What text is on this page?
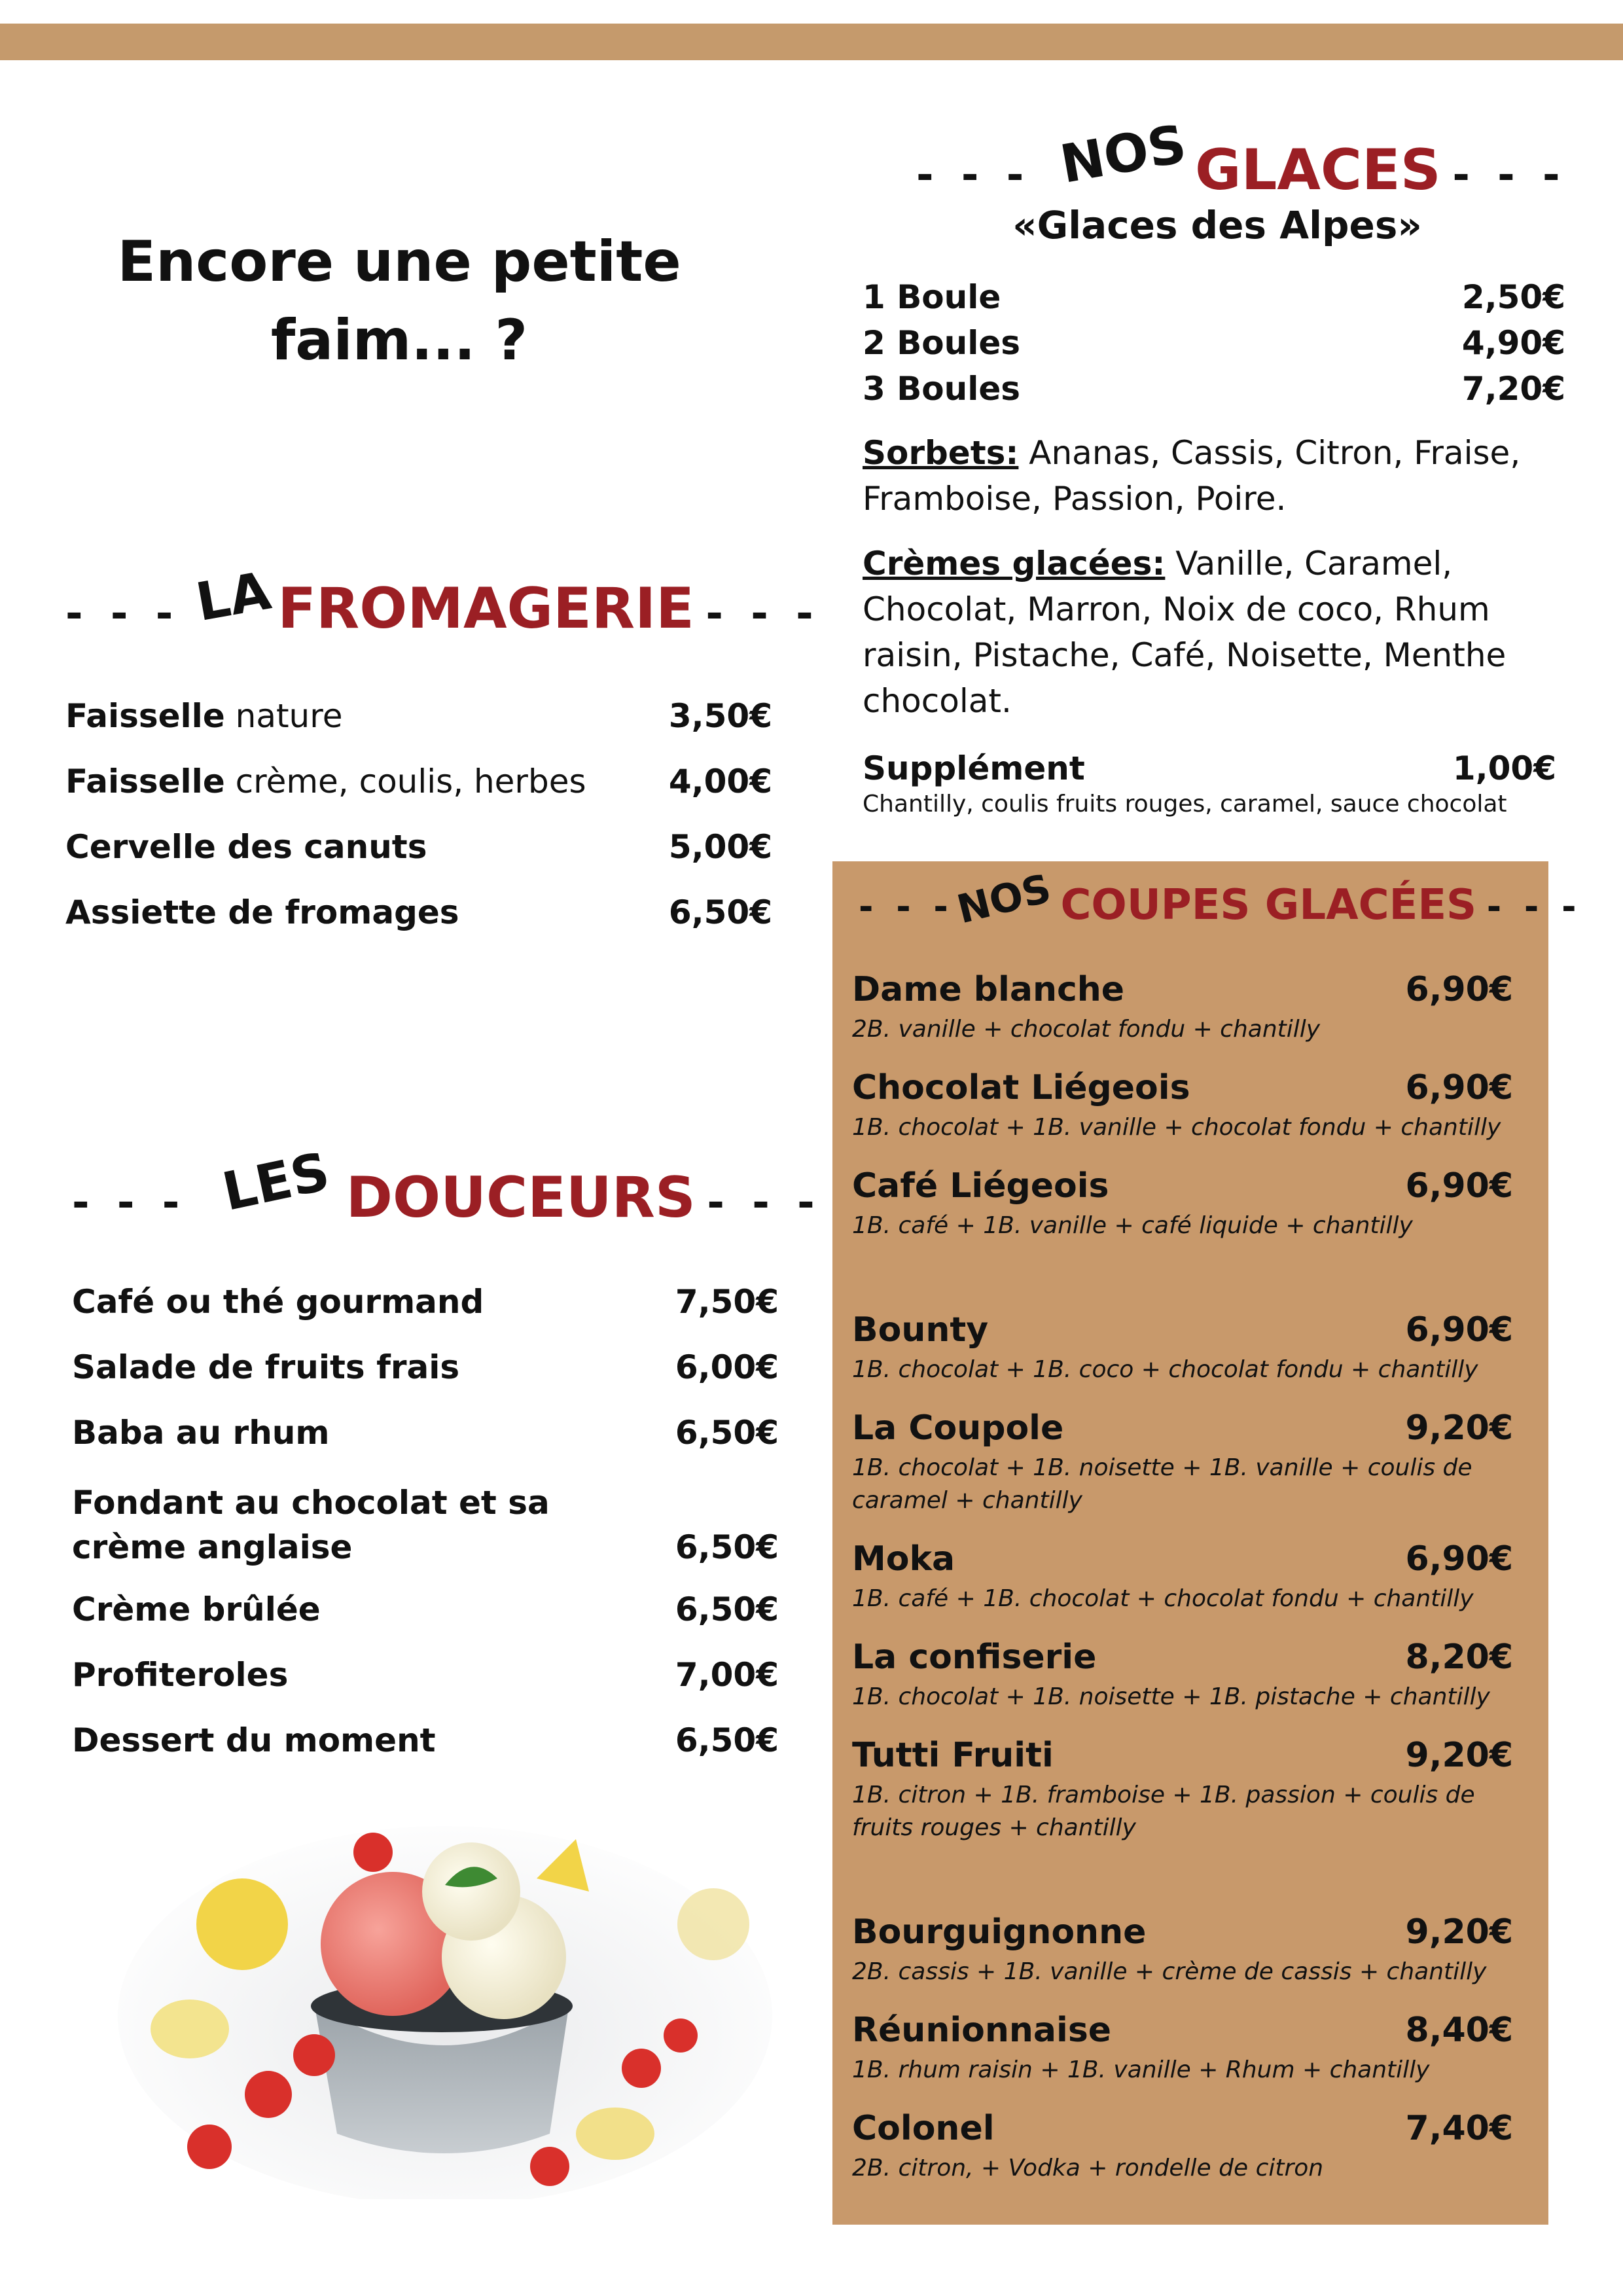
Encore une petite
faim... ?
- - - LA FROMAGERIE - - -
Faisselle nature	3,50€
Faisselle crème, coulis, herbes	4,00€
Cervelle des canuts	5,00€
Assiette de fromages	6,50€
- - - LES DOUCEURS - - -
Café ou thé gourmand	7,50€
Salade de fruits frais	6,00€
Baba au rhum	6,50€
Fondant au chocolat et sa
crème anglaise	6,50€
Crème brûlée	6,50€
Profiteroles	7,00€
Dessert du moment	6,50€
- - - NOS GLACES - - -
«Glaces des Alpes»
1 Boule	2,50€
2 Boules	4,90€
3 Boules	7,20€
Sorbets: Ananas, Cassis, Citron, Fraise, Framboise, Passion, Poire.
Crèmes glacées: Vanille, Caramel, Chocolat, Marron, Noix de coco, Rhum raisin, Pistache, Café, Noisette, Menthe chocolat.
Supplément	1,00€
Chantilly, coulis fruits rouges, caramel, sauce chocolat
- - - NOS COUPES GLACÉES - - -
Dame blanche	6,90€
2B. vanille + chocolat fondu + chantilly
Chocolat Liégeois	6,90€
1B. chocolat + 1B. vanille + chocolat fondu + chantilly
Café Liégeois	6,90€
1B. café + 1B. vanille + café liquide + chantilly
Bounty	6,90€
1B. chocolat + 1B. coco + chocolat fondu + chantilly
La Coupole	9,20€
1B. chocolat + 1B. noisette + 1B. vanille + coulis de caramel + chantilly
Moka	6,90€
1B. café + 1B. chocolat + chocolat fondu + chantilly
La confiserie	8,20€
1B. chocolat + 1B. noisette + 1B. pistache + chantilly
Tutti Fruiti	9,20€
1B. citron + 1B. framboise + 1B. passion + coulis de fruits rouges + chantilly
Bourguignonne	9,20€
2B. cassis + 1B. vanille + crème de cassis + chantilly
Réunionnaise	8,40€
1B. rhum raisin + 1B. vanille + Rhum + chantilly
Colonel	7,40€
2B. citron, + Vodka + rondelle de citron
